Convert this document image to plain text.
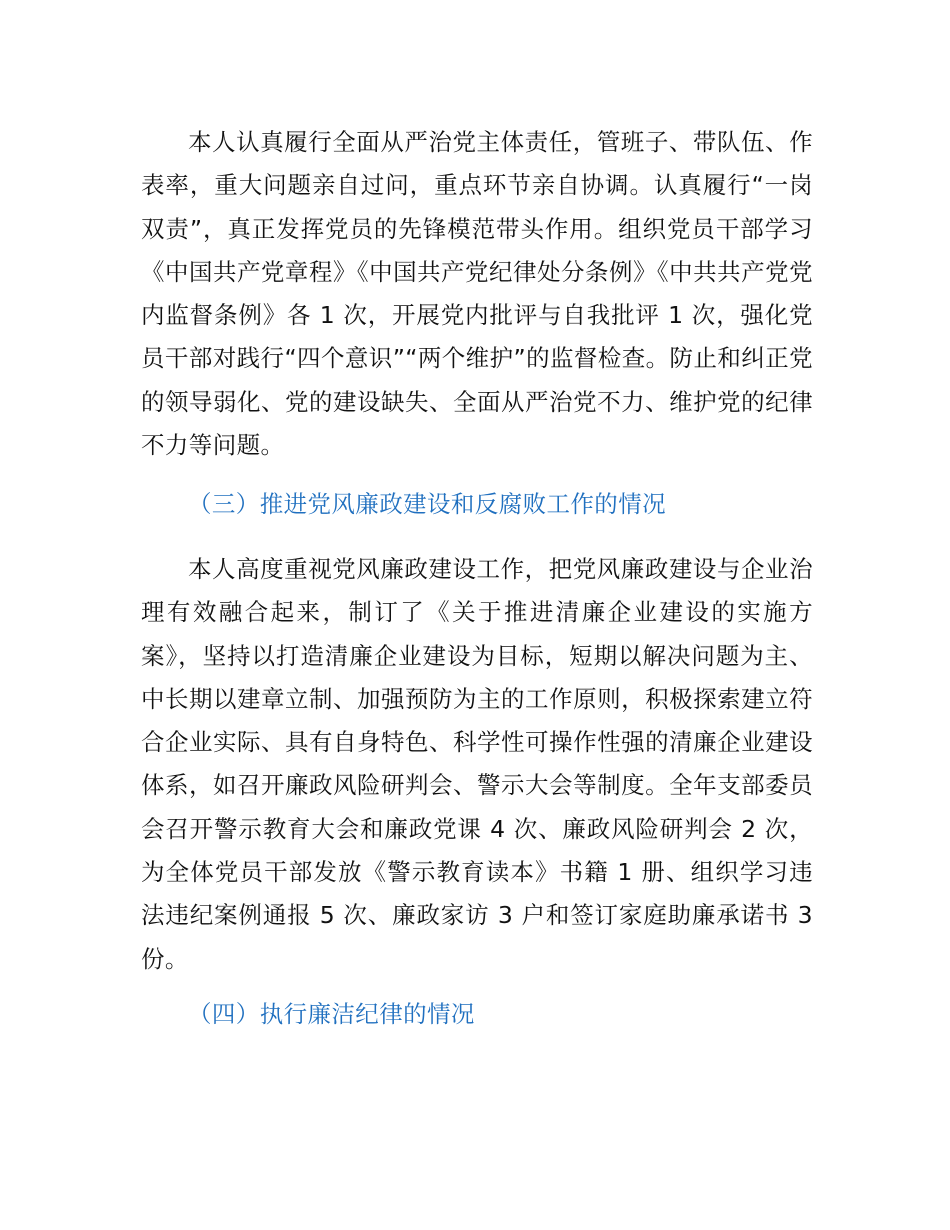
本人认真履行全面从严治党主体责任，管班子、带队伍、作表率，重大问题亲自过问，重点环节亲自协调。认真履行“一岗双责”，真正发挥党员的先锋模范带头作用。组织党员干部学习《中国共产党章程》《中国共产党纪律处分条例》《中共共产党党内监督条例》各 1 次，开展党内批评与自我批评 1 次，强化党员干部对践行“四个意识”“两个维护”的监督检查。防止和纠正党的领导弱化、党的建设缺失、全面从严治党不力、维护党的纪律不力等问题。

（三）推进党风廉政建设和反腐败工作的情况

本人高度重视党风廉政建设工作，把党风廉政建设与企业治理有效融合起来，制订了《关于推进清廉企业建设的实施方案》，坚持以打造清廉企业建设为目标，短期以解决问题为主、中长期以建章立制、加强预防为主的工作原则，积极探索建立符合企业实际、具有自身特色、科学性可操作性强的清廉企业建设体系，如召开廉政风险研判会、警示大会等制度。全年支部委员会召开警示教育大会和廉政党课 4 次、廉政风险研判会 2 次，为全体党员干部发放《警示教育读本》书籍 1 册、组织学习违法违纪案例通报 5 次、廉政家访 3 户和签订家庭助廉承诺书 3 份。

（四）执行廉洁纪律的情况
